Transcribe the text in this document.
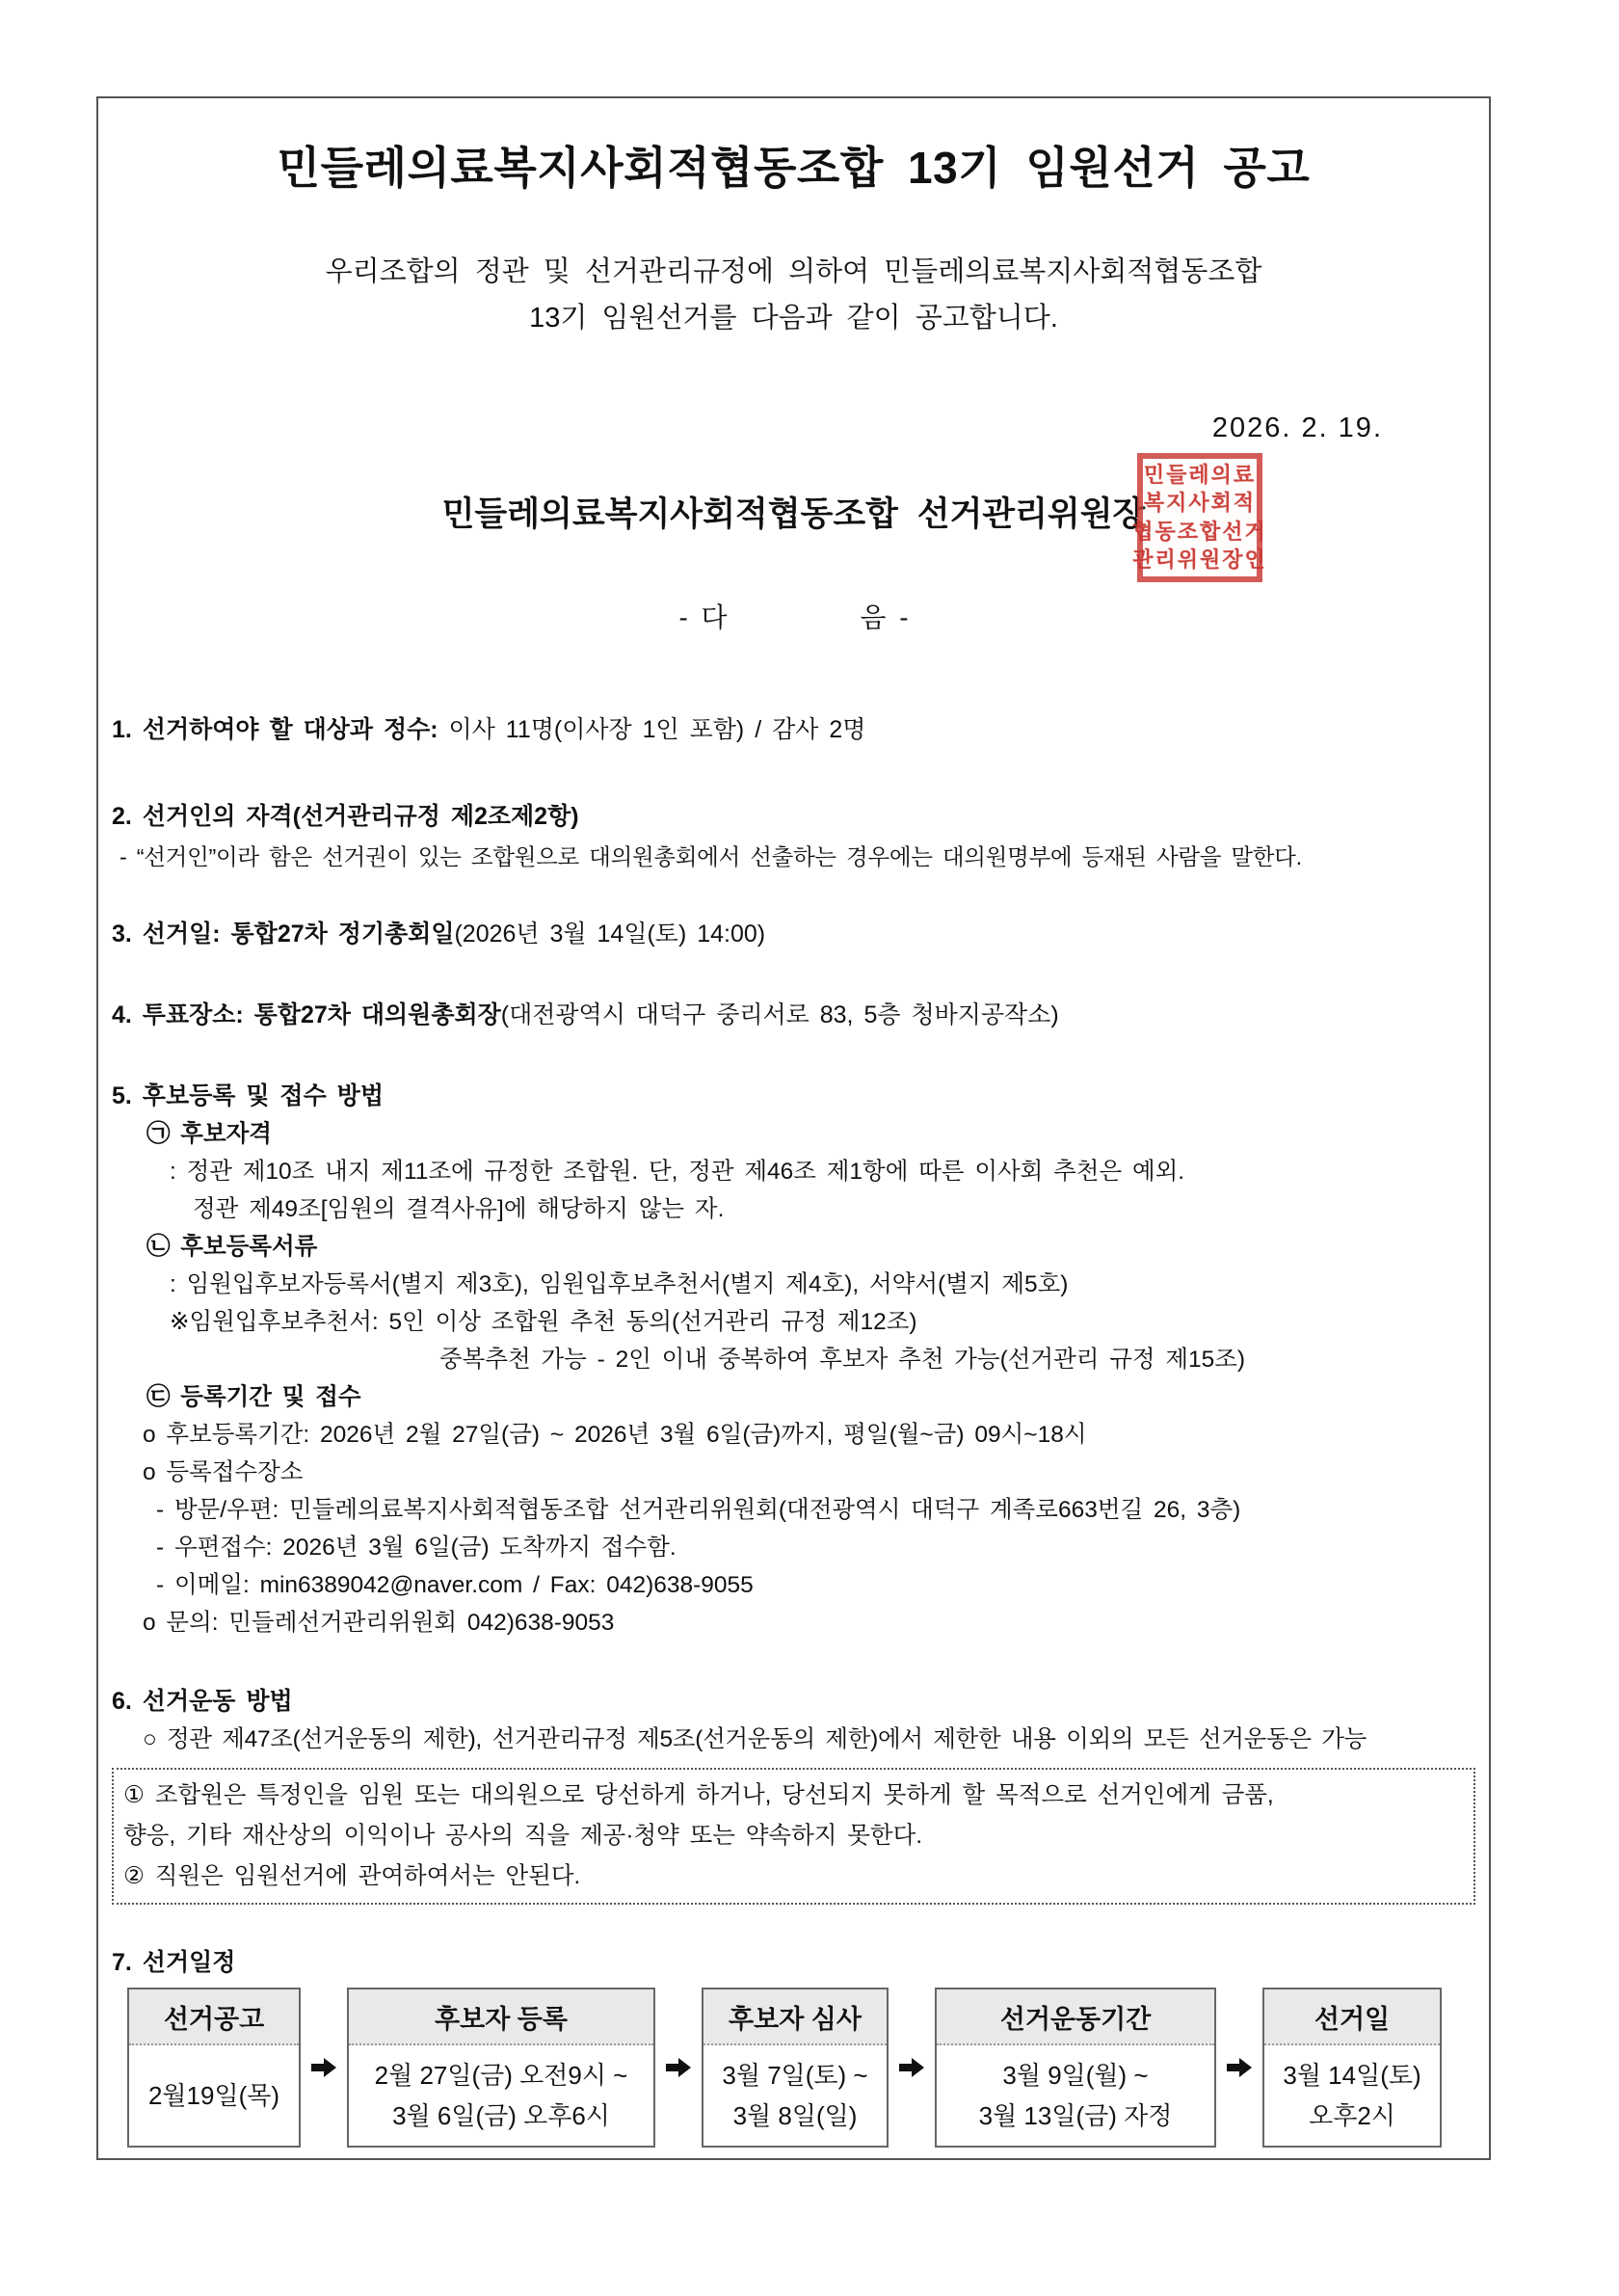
민들레의료복지사회적협동조합 13기 임원선거 공고
우리조합의 정관 및 선거관리규정에 의하여 민들레의료복지사회적협동조합
13기 임원선거를 다음과 같이 공고합니다.
2026. 2. 19.
민들레의료복지사회적협동조합 선거관리위원장
민들레의료
복지사회적
협동조합선거
관리위원장인
- 다          음 -
1. 선거하여야 할 대상과 정수: 이사 11명(이사장 1인 포함) / 감사 2명
2. 선거인의 자격(선거관리규정 제2조제2항)
- “선거인”이라 함은 선거권이 있는 조합원으로 대의원총회에서 선출하는 경우에는 대의원명부에 등재된 사람을 말한다.
3. 선거일: 통합27차 정기총회일(2026년 3월 14일(토) 14:00)
4. 투표장소: 통합27차 대의원총회장(대전광역시 대덕구 중리서로 83, 5층 청바지공작소)
5. 후보등록 및 접수 방법
㉠ 후보자격
: 정관 제10조 내지 제11조에 규정한 조합원. 단, 정관 제46조 제1항에 따른 이사회 추천은 예외.
정관 제49조[임원의 결격사유]에 해당하지 않는 자.
㉡ 후보등록서류
: 임원입후보자등록서(별지 제3호), 임원입후보추천서(별지 제4호), 서약서(별지 제5호)
※임원입후보추천서: 5인 이상 조합원 추천 동의(선거관리 규정 제12조)
중복추천 가능 - 2인 이내 중복하여 후보자 추천 가능(선거관리 규정 제15조)
㉢ 등록기간 및 접수
o 후보등록기간: 2026년 2월 27일(금) ~ 2026년 3월 6일(금)까지, 평일(월~금) 09시~18시
o 등록접수장소
- 방문/우편: 민들레의료복지사회적협동조합 선거관리위원회(대전광역시 대덕구 계족로663번길 26, 3층)
- 우편접수: 2026년 3월 6일(금) 도착까지 접수함.
- 이메일: min6389042@naver.com / Fax: 042)638-9055
o 문의: 민들레선거관리위원회 042)638-9053
6. 선거운동 방법
○ 정관 제47조(선거운동의 제한), 선거관리규정 제5조(선거운동의 제한)에서 제한한 내용 이외의 모든 선거운동은 가능
① 조합원은 특정인을 임원 또는 대의원으로 당선하게 하거나, 당선되지 못하게 할 목적으로 선거인에게 금품,
향응, 기타 재산상의 이익이나 공사의 직을 제공·청약 또는 약속하지 못한다.
② 직원은 임원선거에 관여하여서는 안된다.
7. 선거일정
선거공고
2월19일(목)
후보자 등록
2월 27일(금) 오전9시 ~
3월 6일(금) 오후6시
후보자 심사
3월 7일(토) ~
3월 8일(일)
선거운동기간
3월 9일(월) ~
3월 13일(금) 자정
선거일
3월 14일(토)
오후2시
